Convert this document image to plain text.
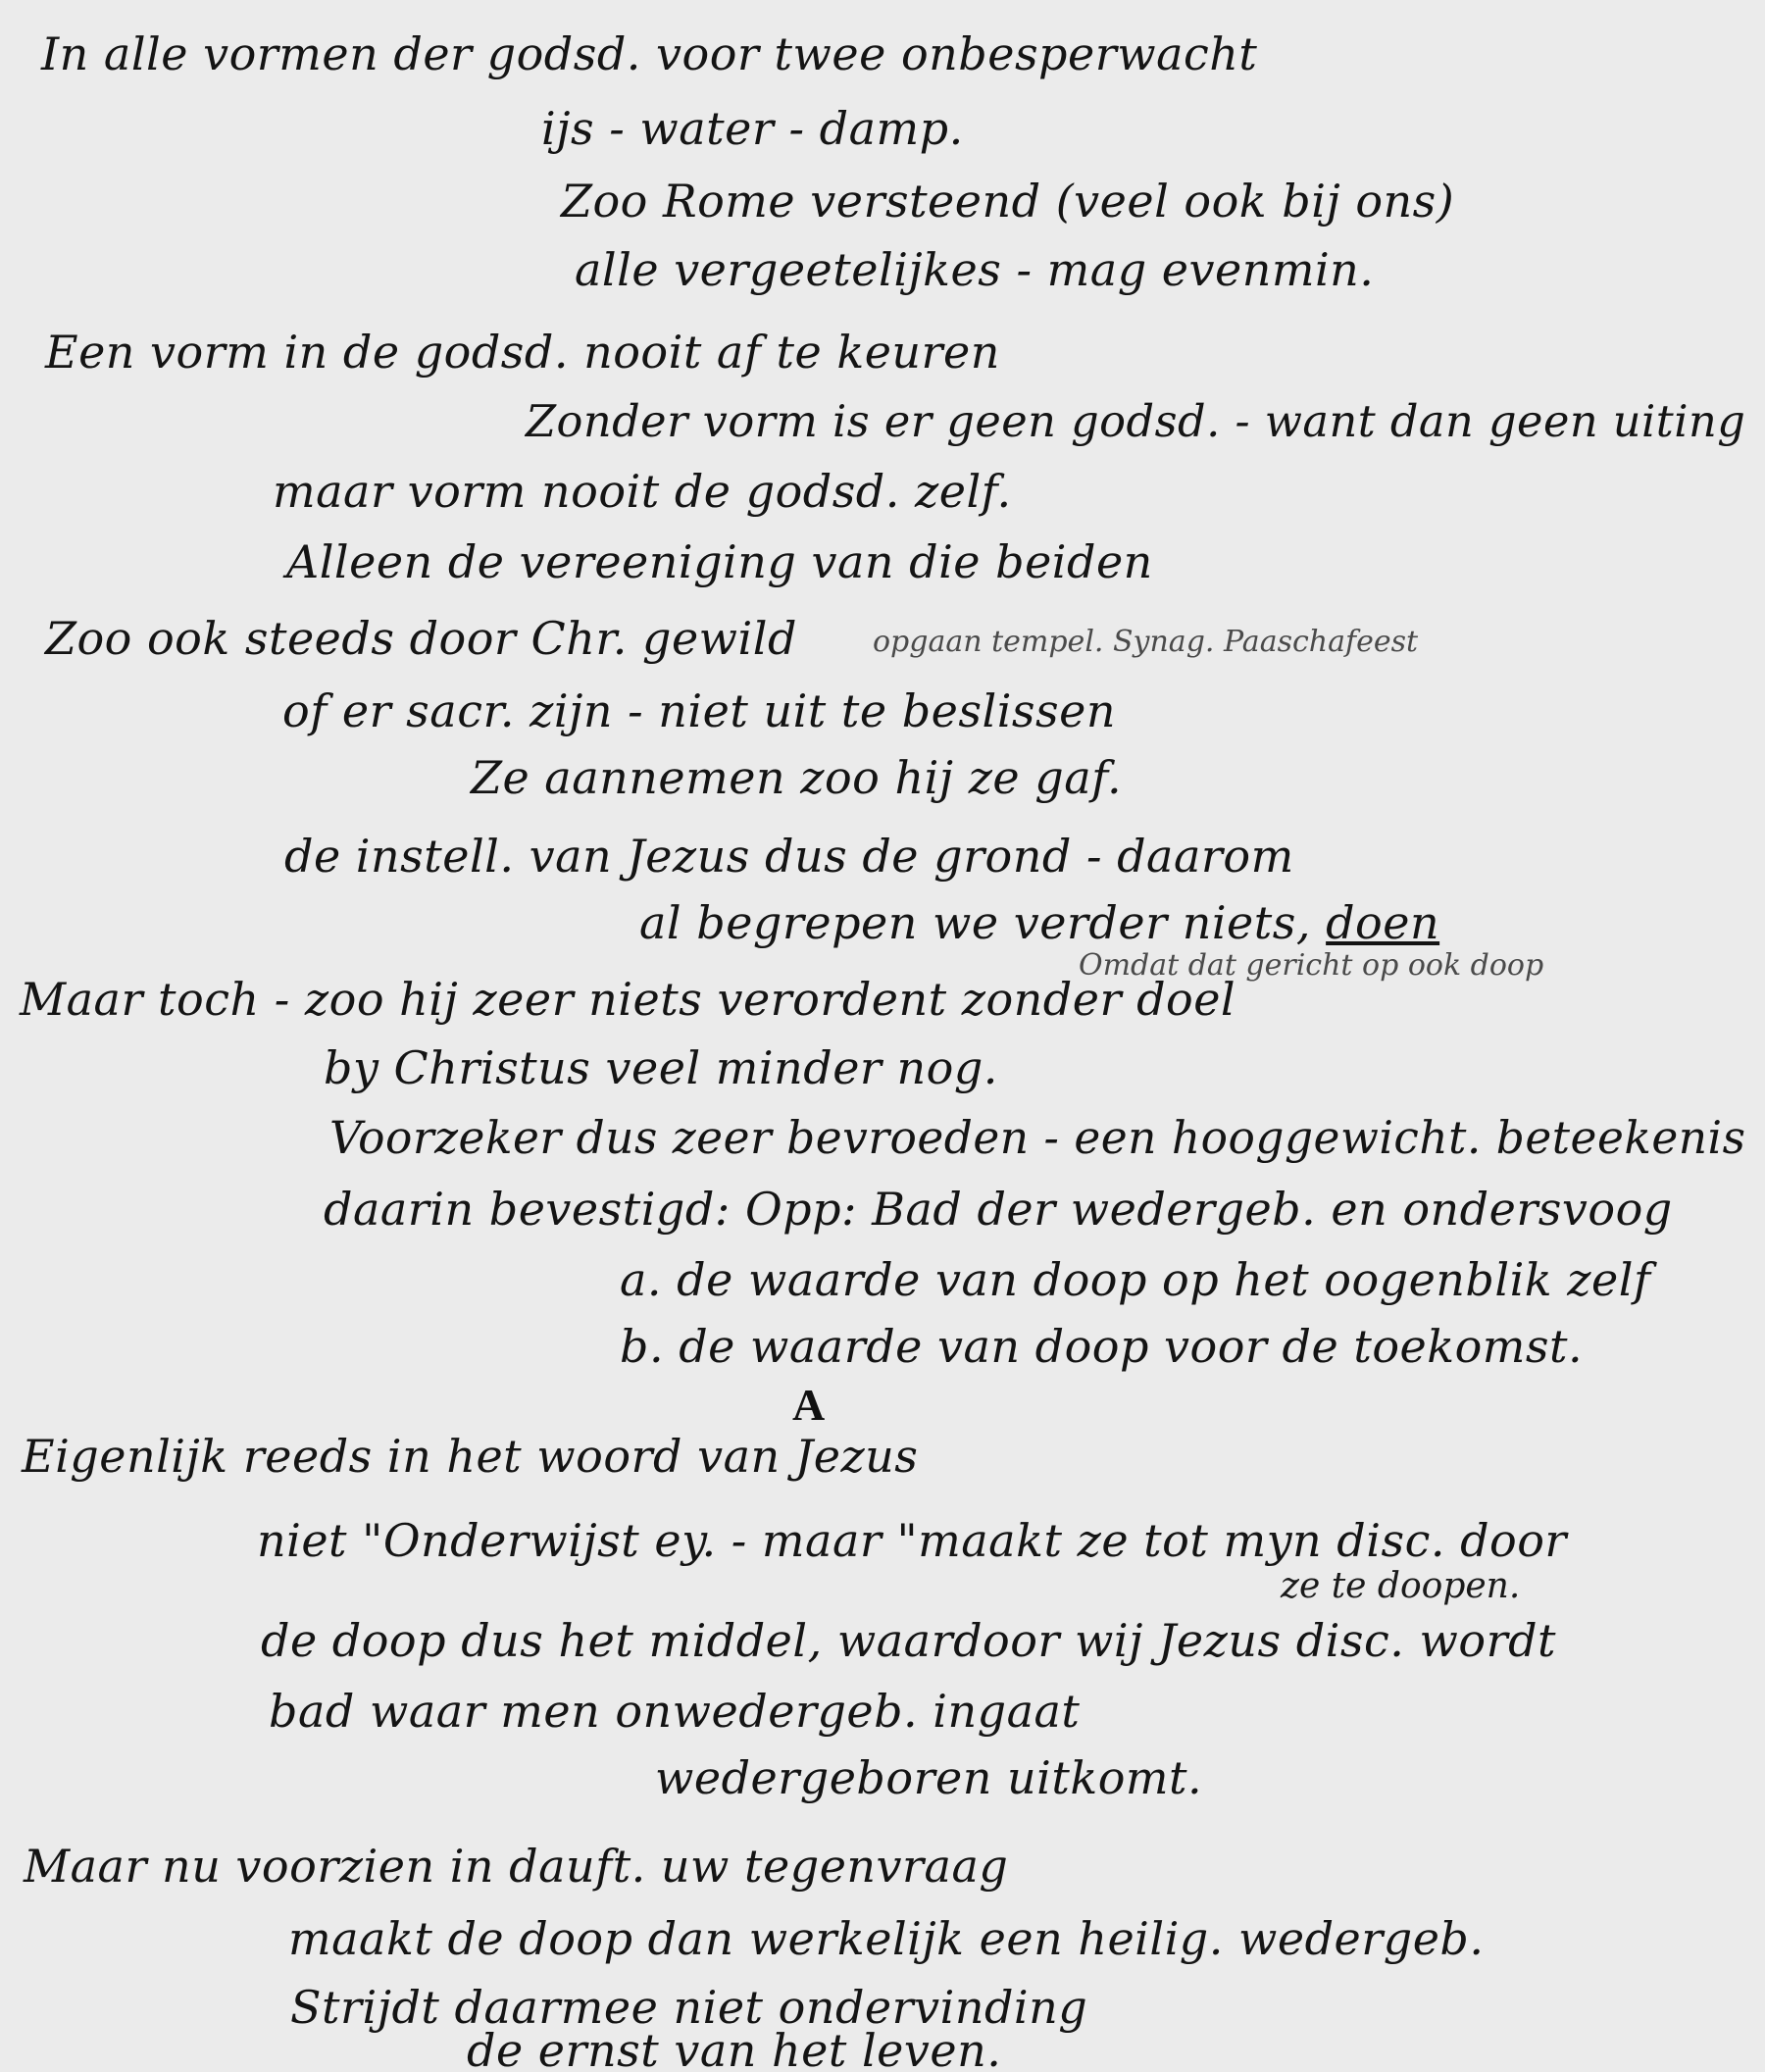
In alle vormen der godsd. voor twee onbesperwacht
ijs - water - damp.
Zoo Rome versteend (veel ook bij ons)
alle vergeetelijkes - mag evenmin.
Een vorm in de godsd. nooit af te keuren
Zonder vorm is er geen godsd. - want dan geen uiting
maar vorm nooit de godsd. zelf.
Alleen de vereeniging van die beiden
Zoo ook steeds door Chr. gewild	opgaan tempel. Synag. Paaschafeest
of er sacr. zijn - niet uit te beslissen
Ze aannemen zoo hij ze gaf.
de instell. van Jezus dus de grond - daarom
al begrepen we verder niets, doen
Omdat dat gericht op ook doop
Maar toch - zoo hij zeer niets verordent zonder doel
by Christus veel minder nog.
Voorzeker dus zeer bevroeden - een hooggewicht. beteekenis
daarin bevestigd: Opp: Bad der wedergeb. en ondersvoog
a. de waarde van doop op het oogenblik zelf
b. de waarde van doop voor de toekomst.
A
Eigenlijk reeds in het woord van Jezus
niet "Onderwijst ey. - maar "maakt ze tot myn disc. door
ze te doopen.
de doop dus het middel, waardoor wij Jezus disc. wordt
bad waar men onwedergeb. ingaat
wedergeboren uitkomt.
Maar nu voorzien in dauft. uw tegenvraag
maakt de doop dan werkelijk een heilig. wedergeb.
Strijdt daarmee niet ondervinding
de ernst van het leven.
